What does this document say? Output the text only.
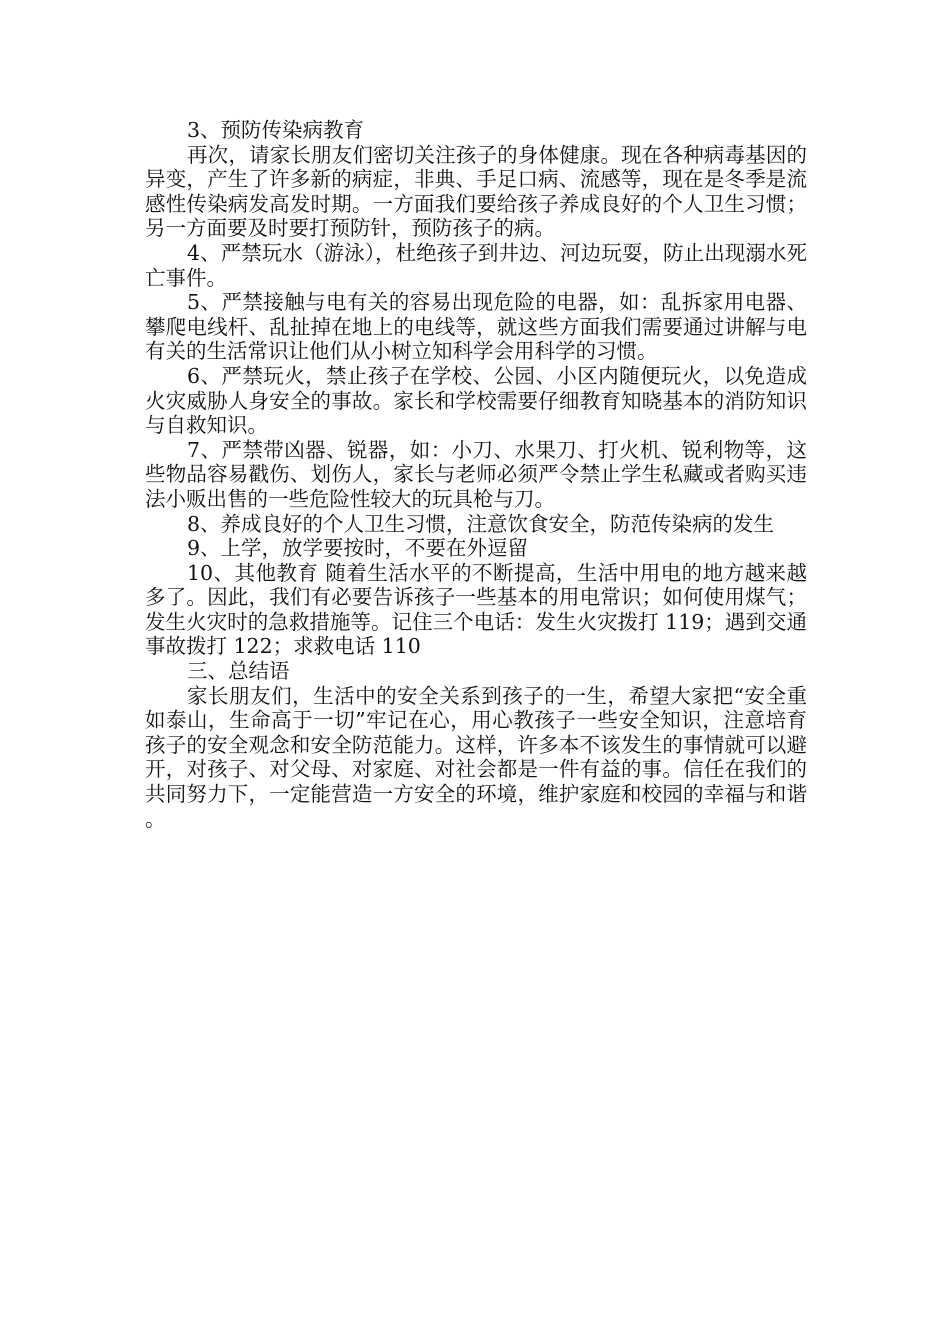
3、预防传染病教育

再次，请家长朋友们密切关注孩子的身体健康。现在各种病毒基因的异变，产生了许多新的病症，非典、手足口病、流感等，现在是冬季是流感性传染病发高发时期。一方面我们要给孩子养成良好的个人卫生习惯；另一方面要及时要打预防针，预防孩子的病。

4、严禁玩水（游泳），杜绝孩子到井边、河边玩耍，防止出现溺水死亡事件。

5、严禁接触与电有关的容易出现危险的电器，如：乱拆家用电器、攀爬电线杆、乱扯掉在地上的电线等，就这些方面我们需要通过讲解与电有关的生活常识让他们从小树立知科学会用科学的习惯。

6、严禁玩火，禁止孩子在学校、公园、小区内随便玩火，以免造成火灾威胁人身安全的事故。家长和学校需要仔细教育知晓基本的消防知识与自救知识。

7、严禁带凶器、锐器，如：小刀、水果刀、打火机、锐利物等，这些物品容易戳伤、划伤人，家长与老师必须严令禁止学生私藏或者购买违法小贩出售的一些危险性较大的玩具枪与刀。

8、养成良好的个人卫生习惯，注意饮食安全，防范传染病的发生

9、上学，放学要按时，不要在外逗留

10、其他教育 随着生活水平的不断提高，生活中用电的地方越来越多了。因此，我们有必要告诉孩子一些基本的用电常识；如何使用煤气；发生火灾时的急救措施等。记住三个电话：发生火灾拨打 119；遇到交通事故拨打 122；求救电话 110

三、总结语

家长朋友们，生活中的安全关系到孩子的一生，希望大家把“安全重如泰山，生命高于一切”牢记在心，用心教孩子一些安全知识，注意培育孩子的安全观念和安全防范能力。这样，许多本不该发生的事情就可以避开，对孩子、对父母、对家庭、对社会都是一件有益的事。信任在我们的共同努力下，一定能营造一方安全的环境，维护家庭和校园的幸福与和谐。
